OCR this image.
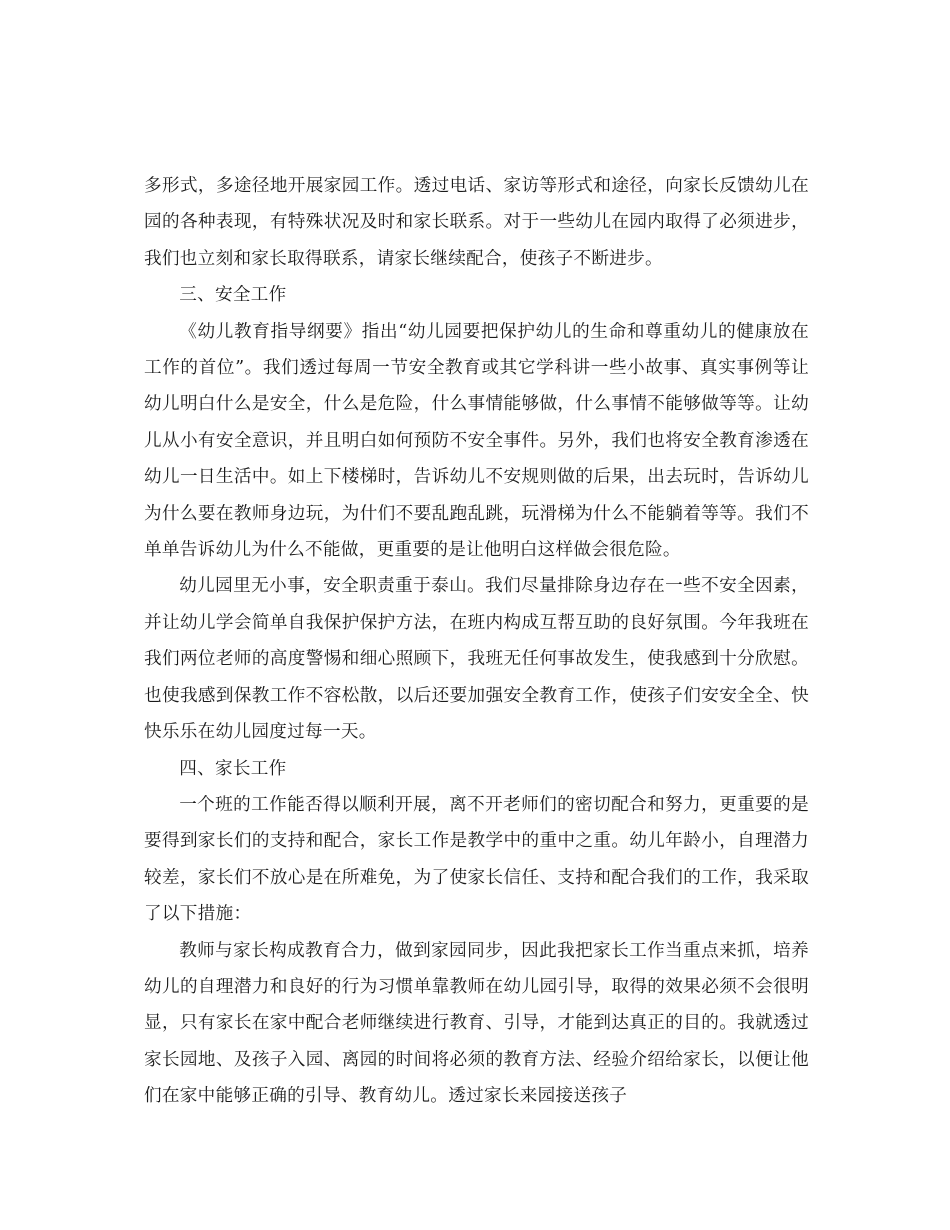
多形式，多途径地开展家园工作。透过电话、家访等形式和途径，向家长反馈幼儿在园的各种表现，有特殊状况及时和家长联系。对于一些幼儿在园内取得了必须进步，我们也立刻和家长取得联系，请家长继续配合，使孩子不断进步。

三、安全工作

《幼儿教育指导纲要》指出“幼儿园要把保护幼儿的生命和尊重幼儿的健康放在工作的首位”。我们透过每周一节安全教育或其它学科讲一些小故事、真实事例等让幼儿明白什么是安全，什么是危险，什么事情能够做，什么事情不能够做等等。让幼儿从小有安全意识，并且明白如何预防不安全事件。另外，我们也将安全教育渗透在幼儿一日生活中。如上下楼梯时，告诉幼儿不安规则做的后果，出去玩时，告诉幼儿为什么要在教师身边玩，为什们不要乱跑乱跳，玩滑梯为什么不能躺着等等。我们不单单告诉幼儿为什么不能做，更重要的是让他明白这样做会很危险。

幼儿园里无小事，安全职责重于泰山。我们尽量排除身边存在一些不安全因素，并让幼儿学会简单自我保护保护方法，在班内构成互帮互助的良好氛围。今年我班在我们两位老师的高度警惕和细心照顾下，我班无任何事故发生，使我感到十分欣慰。也使我感到保教工作不容松散，以后还要加强安全教育工作，使孩子们安安全全、快快乐乐在幼儿园度过每一天。

四、家长工作

一个班的工作能否得以顺利开展，离不开老师们的密切配合和努力，更重要的是要得到家长们的支持和配合，家长工作是教学中的重中之重。幼儿年龄小，自理潜力较差，家长们不放心是在所难免，为了使家长信任、支持和配合我们的工作，我采取了以下措施：

教师与家长构成教育合力，做到家园同步，因此我把家长工作当重点来抓，培养幼儿的自理潜力和良好的行为习惯单靠教师在幼儿园引导，取得的效果必须不会很明显，只有家长在家中配合老师继续进行教育、引导，才能到达真正的目的。我就透过家长园地、及孩子入园、离园的时间将必须的教育方法、经验介绍给家长，以便让他们在家中能够正确的引导、教育幼儿。透过家长来园接送孩子
